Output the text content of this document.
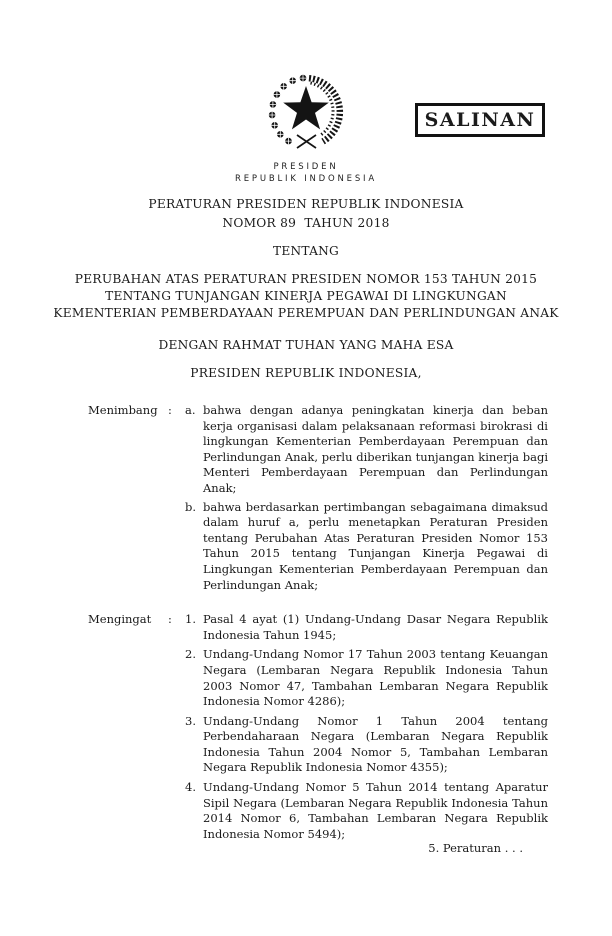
SALINAN
PRESIDEN
REPUBLIK INDONESIA
PERATURAN PRESIDEN REPUBLIK INDONESIA
NOMOR 89  TAHUN 2018
TENTANG
PERUBAHAN ATAS PERATURAN PRESIDEN NOMOR 153 TAHUN 2015
TENTANG TUNJANGAN KINERJA PEGAWAI DI LINGKUNGAN
KEMENTERIAN PEMBERDAYAAN PEREMPUAN DAN PERLINDUNGAN ANAK
DENGAN RAHMAT TUHAN YANG MAHA ESA
PRESIDEN REPUBLIK INDONESIA,
Menimbang :	a. bahwa dengan adanya peningkatan kinerja dan beban kerja organisasi dalam pelaksanaan reformasi birokrasi di lingkungan Kementerian Pemberdayaan Perempuan dan Perlindungan Anak, perlu diberikan tunjangan kinerja bagi Menteri Pemberdayaan Perempuan dan Perlindungan Anak;
b. bahwa berdasarkan pertimbangan sebagaimana dimaksud dalam huruf a, perlu menetapkan Peraturan Presiden tentang Perubahan Atas Peraturan Presiden Nomor 153 Tahun 2015 tentang Tunjangan Kinerja Pegawai di Lingkungan Kementerian Pemberdayaan Perempuan dan Perlindungan Anak;
Mengingat	:	1. Pasal 4 ayat (1) Undang-Undang Dasar Negara Republik Indonesia Tahun 1945;
2. Undang-Undang Nomor 17 Tahun 2003 tentang Keuangan Negara (Lembaran Negara Republik Indonesia Tahun 2003 Nomor 47, Tambahan Lembaran Negara Republik Indonesia Nomor 4286);
3. Undang-Undang Nomor 1 Tahun 2004 tentang Perbendaharaan Negara (Lembaran Negara Republik Indonesia Tahun 2004 Nomor 5, Tambahan Lembaran Negara Republik Indonesia Nomor 4355);
4. Undang-Undang Nomor 5 Tahun 2014 tentang Aparatur Sipil Negara (Lembaran Negara Republik Indonesia Tahun 2014 Nomor 6, Tambahan Lembaran Negara Republik Indonesia Nomor 5494);
5. Peraturan . . .
